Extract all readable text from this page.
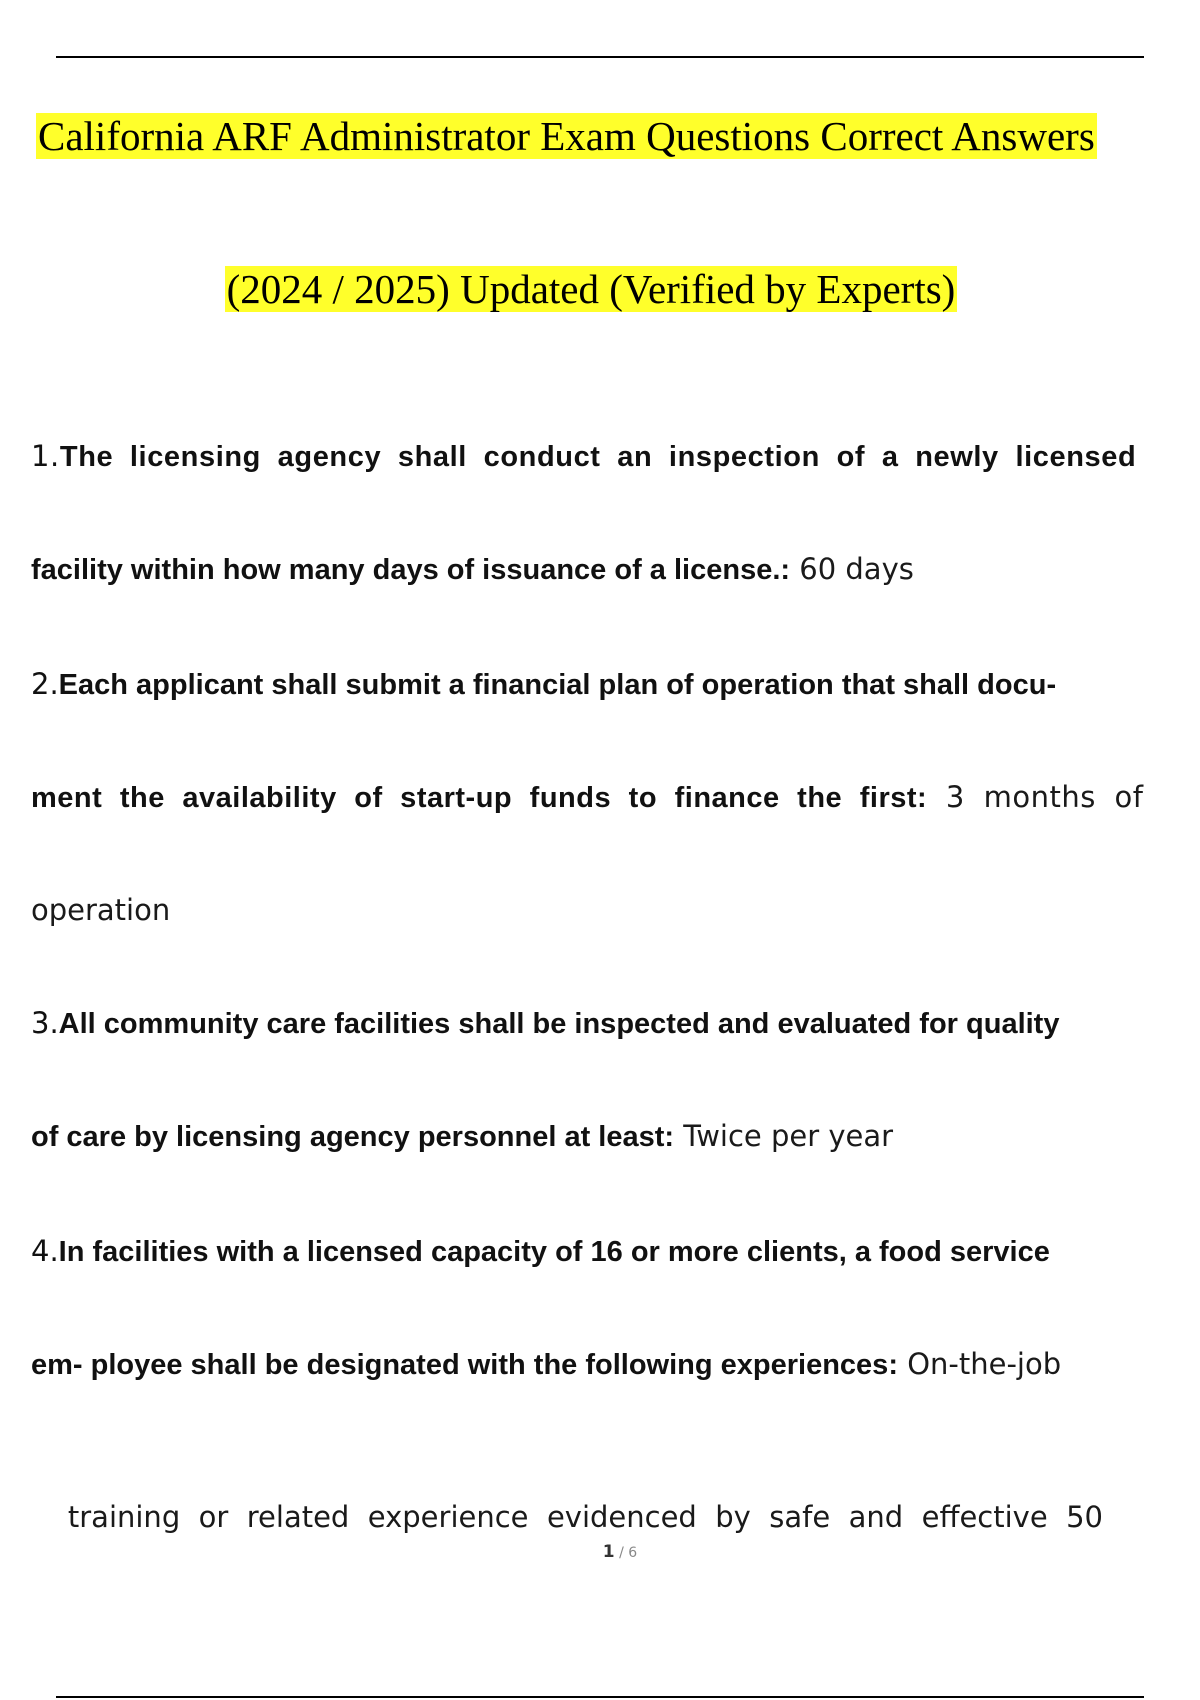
California ARF Administrator Exam Questions Correct Answers
(2024 / 2025) Updated (Verified by Experts)
1.The licensing agency shall conduct an inspection of a newly licensed
facility within how many days of issuance of a license.: 60 days
2.Each applicant shall submit a financial plan of operation that shall docu-
ment the availability of start-up funds to finance the first: 3 months of
operation
3.All community care facilities shall be inspected and evaluated for quality
of care by licensing agency personnel at least: Twice per year
4.In facilities with a licensed capacity of 16 or more clients, a food service
em- ployee shall be designated with the following experiences: On-the-job

training  or  related  experience  evidenced  by  safe  and  effective  50

1 / 6
